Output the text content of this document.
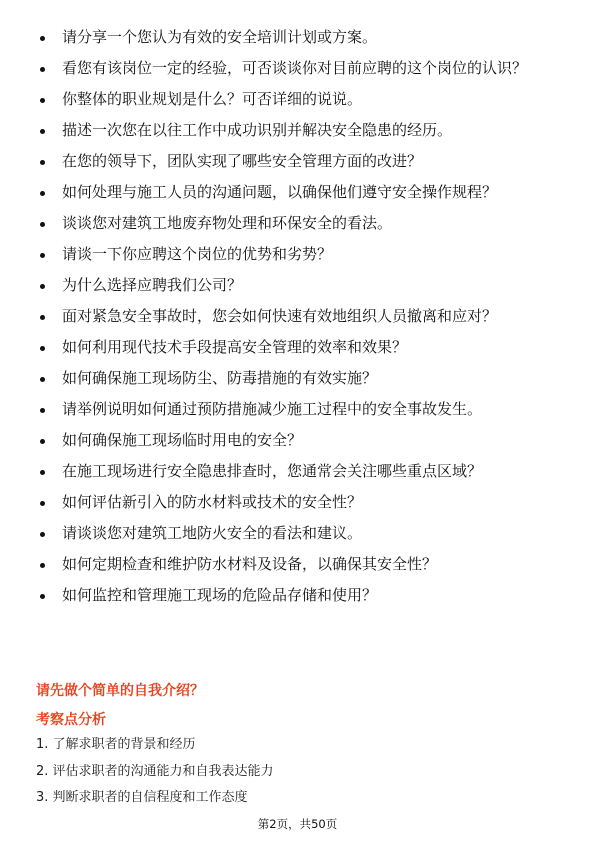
请分享一个您认为有效的安全培训计划或方案。
看您有该岗位一定的经验，可否谈谈你对目前应聘的这个岗位的认识？
你整体的职业规划是什么？可否详细的说说。
描述一次您在以往工作中成功识别并解决安全隐患的经历。
在您的领导下，团队实现了哪些安全管理方面的改进？
如何处理与施工人员的沟通问题，以确保他们遵守安全操作规程？
谈谈您对建筑工地废弃物处理和环保安全的看法。
请谈一下你应聘这个岗位的优势和劣势？
为什么选择应聘我们公司？
面对紧急安全事故时，您会如何快速有效地组织人员撤离和应对？
如何利用现代技术手段提高安全管理的效率和效果？
如何确保施工现场防尘、防毒措施的有效实施？
请举例说明如何通过预防措施减少施工过程中的安全事故发生。
如何确保施工现场临时用电的安全？
在施工现场进行安全隐患排查时，您通常会关注哪些重点区域？
如何评估新引入的防水材料或技术的安全性？
请谈谈您对建筑工地防火安全的看法和建议。
如何定期检查和维护防水材料及设备，以确保其安全性？
如何监控和管理施工现场的危险品存储和使用？
请先做个简单的自我介绍？
考察点分析
1. 了解求职者的背景和经历
2. 评估求职者的沟通能力和自我表达能力
3. 判断求职者的自信程度和工作态度
第2页，共50页
